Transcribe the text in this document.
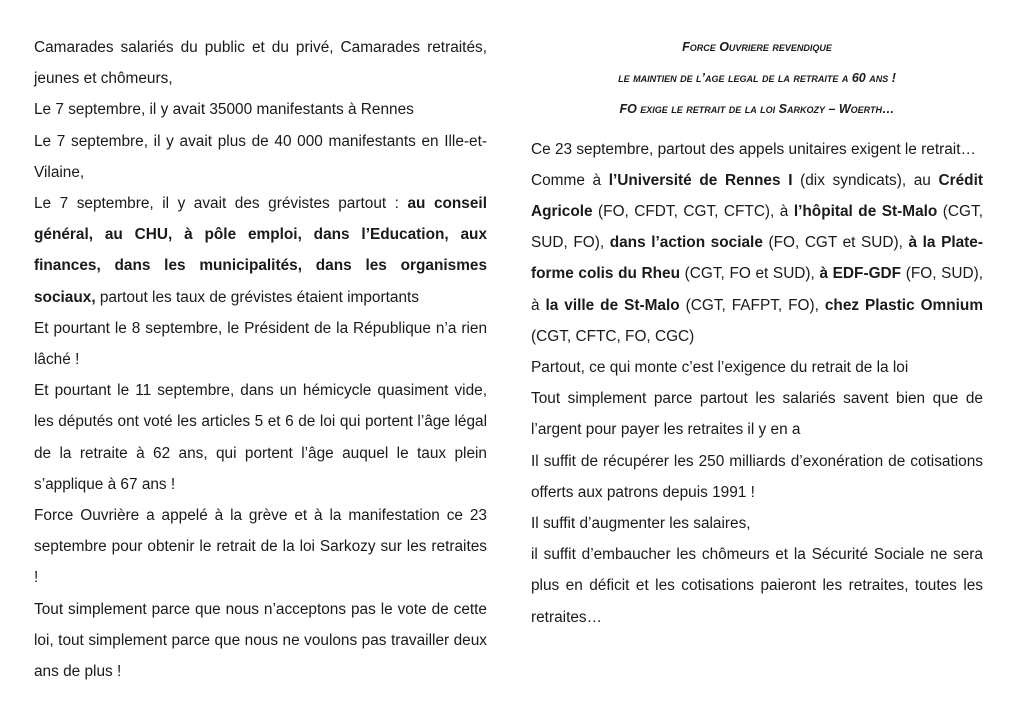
Camarades salariés du public et du privé, Camarades retraités, jeunes et chômeurs,

Le 7 septembre, il y avait 35000 manifestants à Rennes

Le 7 septembre, il y avait plus de 40 000 manifestants en Ille-et-Vilaine,

Le 7 septembre, il y avait des grévistes partout : au conseil général, au CHU, à pôle emploi, dans l’Education, aux finances, dans les municipalités, dans les organismes sociaux, partout les taux de grévistes étaient importants

Et pourtant le 8 septembre, le Président de la République n’a rien lâché !

Et pourtant le 11 septembre, dans un hémicycle quasiment vide, les députés ont voté les articles 5 et 6 de loi qui portent l’âge légal de la retraite à 62 ans, qui portent l’âge auquel le taux plein s’applique à 67 ans !

Force Ouvrière a appelé à la grève et à la manifestation ce 23 septembre pour obtenir le retrait de la loi Sarkozy sur les retraites !

Tout simplement parce que nous n’acceptons pas le vote de cette loi, tout simplement parce que nous ne voulons pas travailler deux ans de plus !

Force Ouvriere revendique

le maintien de l’age legal de la retraite a 60 ans !

FO exige le retrait de la loi Sarkozy – Woerth…

Ce 23 septembre, partout des appels unitaires exigent le retrait…

Comme à l’Université de Rennes I (dix syndicats), au Crédit Agricole (FO, CFDT, CGT, CFTC), à l’hôpital de St-Malo (CGT, SUD, FO), dans l’action sociale (FO, CGT et SUD), à la Plate-forme colis du Rheu (CGT, FO et SUD), à EDF-GDF (FO, SUD), à la ville de St-Malo (CGT, FAFPT, FO), chez Plastic Omnium (CGT, CFTC, FO, CGC)

Partout, ce qui monte c’est l’exigence du retrait de la loi

Tout simplement parce partout les salariés savent bien que de l’argent pour payer les retraites il y en a

Il suffit de récupérer les 250 milliards d’exonération de cotisations offerts aux patrons depuis 1991 !

Il suffit d’augmenter les salaires,

il suffit d’embaucher les chômeurs et la Sécurité Sociale ne sera plus en déficit et les cotisations paieront les retraites, toutes les retraites…
